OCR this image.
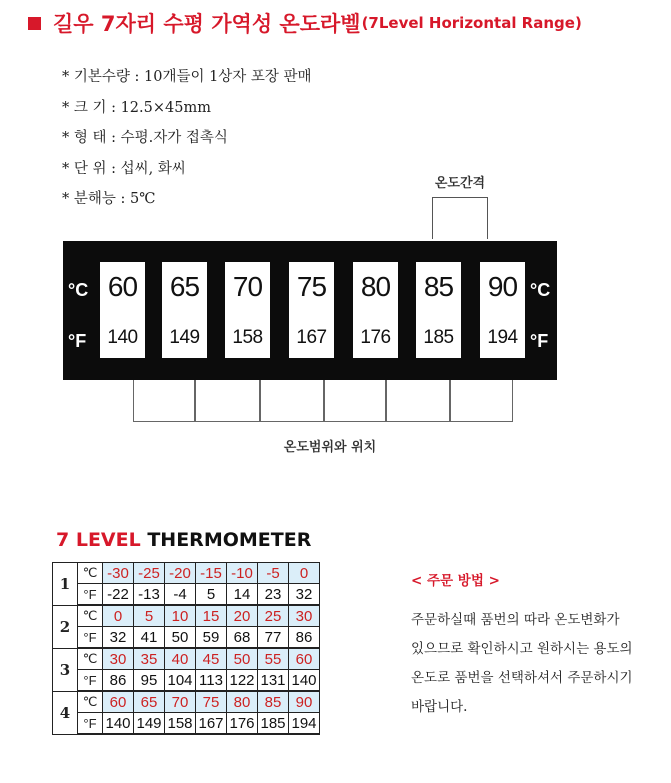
길우 7자리 수평 가역성 온도라벨 (7Level Horizontal Range)
* 기본수량 : 10개들이 1상자 포장 판매
* 크 기 : 12.5×45mm
* 형 태 : 수평.자가 접촉식
* 단 위 : 섭씨, 화씨
* 분해능 : 5℃
온도간격
°C
°F
°C
°F
60
140
65
149
70
158
75
167
80
176
85
185
90
194
온도범위와 위치
7 LEVEL THERMOMETER
1	℃	-30	-25	-20	-15	-10	-5	0
	°F	-22	-13	-4	5	14	23	32
2	℃	0	5	10	15	20	25	30
	°F	32	41	50	59	68	77	86
3	℃	30	35	40	45	50	55	60
	°F	86	95	104	113	122	131	140
4	℃	60	65	70	75	80	85	90
	°F	140	149	158	167	176	185	194
< 주문 방법 >
주문하실때 품번의 따라 온도변화가
있으므로 확인하시고 원하시는 용도의
온도로 품번을 선택하셔서 주문하시기
바랍니다.
